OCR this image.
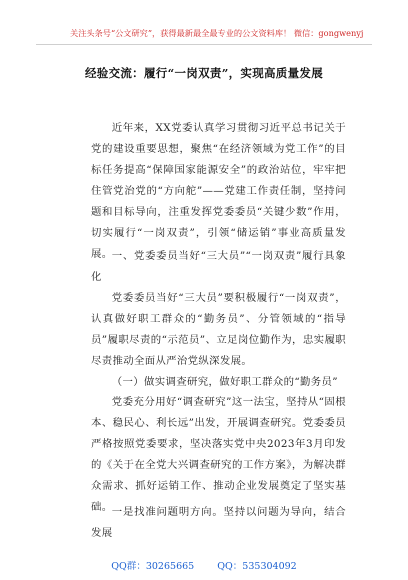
关注头条号“公文研究”，获得最新最全最专业的公文资料库！ 微信：gongwenyj
经验交流：履行“一岗双责”，实现高质量发展

近年来，XX党委认真学习贯彻习近平总书记关于党的建设重要思想，聚焦“在经济领域为党工作”的目标任务提高“保障国家能源安全”的政治站位，牢牢把住管党治党的“方向舵”——党建工作责任制，坚持问题和目标导向，注重发挥党委委员“关键少数”作用，切实履行“一岗双责”，引领“储运销”事业高质量发展。 一、党委委员当好“三大员”“一岗双责”履行具象化

党委委员当好“三大员”要积极履行“一岗双责”，认真做好职工群众的“勤务员”、分管领域的“指导员”履职尽责的“示范员”、立足岗位勤作为，忠实履职尽责推动全面从严治党纵深发展。

（一）做实调查研究，做好职工群众的“勤务员”

党委充分用好“调查研究”这一法宝，坚持从“固根本、稳民心、利长远”出发，开展调查研究。党委委员严格按照党委要求，坚决落实党中央2023年3月印发的《关于在全党大兴调查研究的工作方案》，为解决群众需求、抓好运销工作、推动企业发展奠定了坚实基础。 一是找准问题明方向。坚持以问题为导向，结合发展

QQ群：30265665 QQ：535304092
